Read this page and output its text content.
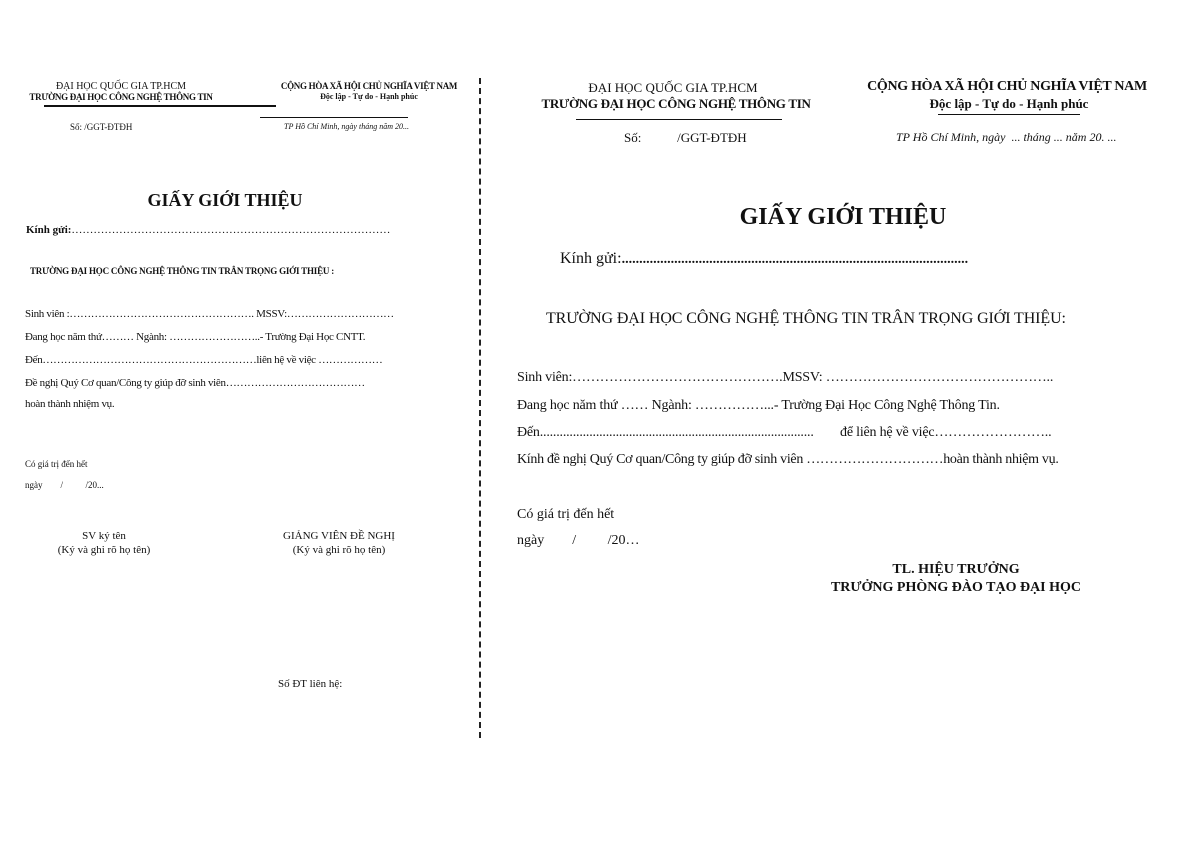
ĐẠI HỌC QUỐC GIA TP.HCM
TRƯỜNG ĐẠI HỌC CÔNG NGHỆ THÔNG TIN
CỘNG HÒA XÃ HỘI CHỦ NGHĨA VIỆT NAM
Độc lập - Tự do - Hạnh phúc
Số: /GGT-ĐTĐH	TP Hồ Chí Minh, ngày tháng năm 20...
GIẤY GIỚI THIỆU
Kính gửi:……………………………………………………………………………
TRƯỜNG ĐẠI HỌC CÔNG NGHỆ THÔNG TIN TRÂN TRỌNG GIỚI THIỆU :
Sinh viên :……………………………………………. MSSV:…………………………
Đang học năm thứ……… Ngành: ……………………..- Trường Đại Học CNTT.
Đến……………………………………………………liên hệ về việc ………………
Đề nghị Quý Cơ quan/Công ty giúp đỡ sinh viên…………………………………
hoàn thành nhiệm vụ.
Có giá trị đến hết
ngày        /          /20...
SV ký tên
(Ký và ghi rõ họ tên)
GIẢNG VIÊN ĐỀ NGHỊ
(Ký và ghi rõ họ tên)
Số ĐT liên hệ:
ĐẠI HỌC QUỐC GIA TP.HCM
TRƯỜNG ĐẠI HỌC CÔNG NGHỆ THÔNG TIN
CỘNG HÒA XÃ HỘI CHỦ NGHĨA VIỆT NAM
Độc lập - Tự do - Hạnh phúc
Số:           /GGT-ĐTĐH	TP Hồ Chí Minh, ngày  ... tháng ... năm 20. ...
GIẤY GIỚI THIỆU
Kính gửi:...................................................................................................
TRƯỜNG ĐẠI HỌC CÔNG NGHỆ THÔNG TIN TRÂN TRỌNG GIỚI THIỆU:
Sinh viên:……………………………………….MSSV: …………………………………………..
Đang học năm thứ …… Ngành: ……………...- Trường Đại Học Công Nghệ Thông Tin.
Đến...................................................................................        để liên hệ về việc……………………..
Kính đề nghị Quý Cơ quan/Công ty giúp đỡ sinh viên …………………………hoàn thành nhiệm vụ.
Có giá trị đến hết
ngày        /         /20…
TL. HIỆU TRƯỞNG
TRƯỞNG PHÒNG ĐÀO TẠO ĐẠI HỌC
